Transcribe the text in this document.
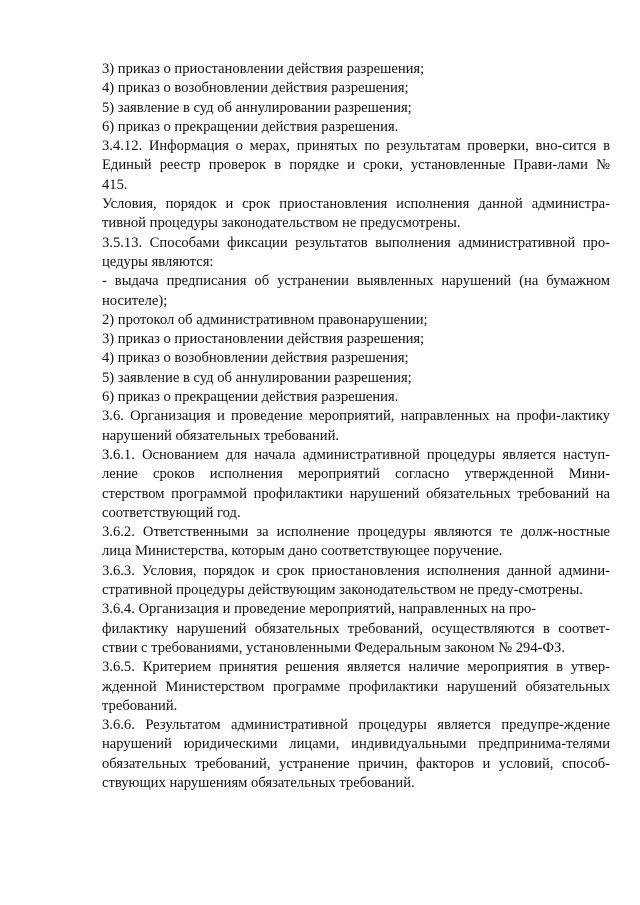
3) приказ о приостановлении действия разрешения;
4) приказ о возобновлении действия разрешения;
5) заявление в суд об аннулировании разрешения;
6) приказ о прекращении действия разрешения.
3.4.12. Информация о мерах, принятых по результатам проверки, вно-сится в
Единый реестр проверок в порядке и сроки, установленные Прави-лами №
415.
Условия, порядок и срок приостановления исполнения данной администра-
тивной процедуры законодательством не предусмотрены.
3.5.13. Способами фиксации результатов выполнения административной про-
цедуры являются:
- выдача предписания об устранении выявленных нарушений (на бумажном
носителе);
2) протокол об административном правонарушении;
3) приказ о приостановлении действия разрешения;
4) приказ о возобновлении действия разрешения;
5) заявление в суд об аннулировании разрешения;
6) приказ о прекращении действия разрешения.
3.6. Организация и проведение мероприятий, направленных на профи-лактику
нарушений обязательных требований.
3.6.1. Основанием для начала административной процедуры является наступ-
ление сроков исполнения мероприятий согласно утвержденной Мини-
стерством программой профилактики нарушений обязательных требований на
соответствующий год.
3.6.2. Ответственными за исполнение процедуры являются те долж-ностные
лица Министерства, которым дано соответствующее поручение.
3.6.3. Условия, порядок и срок приостановления исполнения данной админи-
стративной процедуры действующим законодательством не преду-смотрены.
3.6.4. Организация и проведение мероприятий, направленных на про-
филактику нарушений обязательных требований, осуществляются в соответ-
ствии с требованиями, установленными Федеральным законом № 294-ФЗ.
3.6.5. Критерием принятия решения является наличие мероприятия в утвер-
жденной Министерством программе профилактики нарушений обязательных
требований.
3.6.6. Результатом административной процедуры является предупре-ждение
нарушений юридическими лицами, индивидуальными предпринима-телями
обязательных требований, устранение причин, факторов и условий, способ-
ствующих нарушениям обязательных требований.
